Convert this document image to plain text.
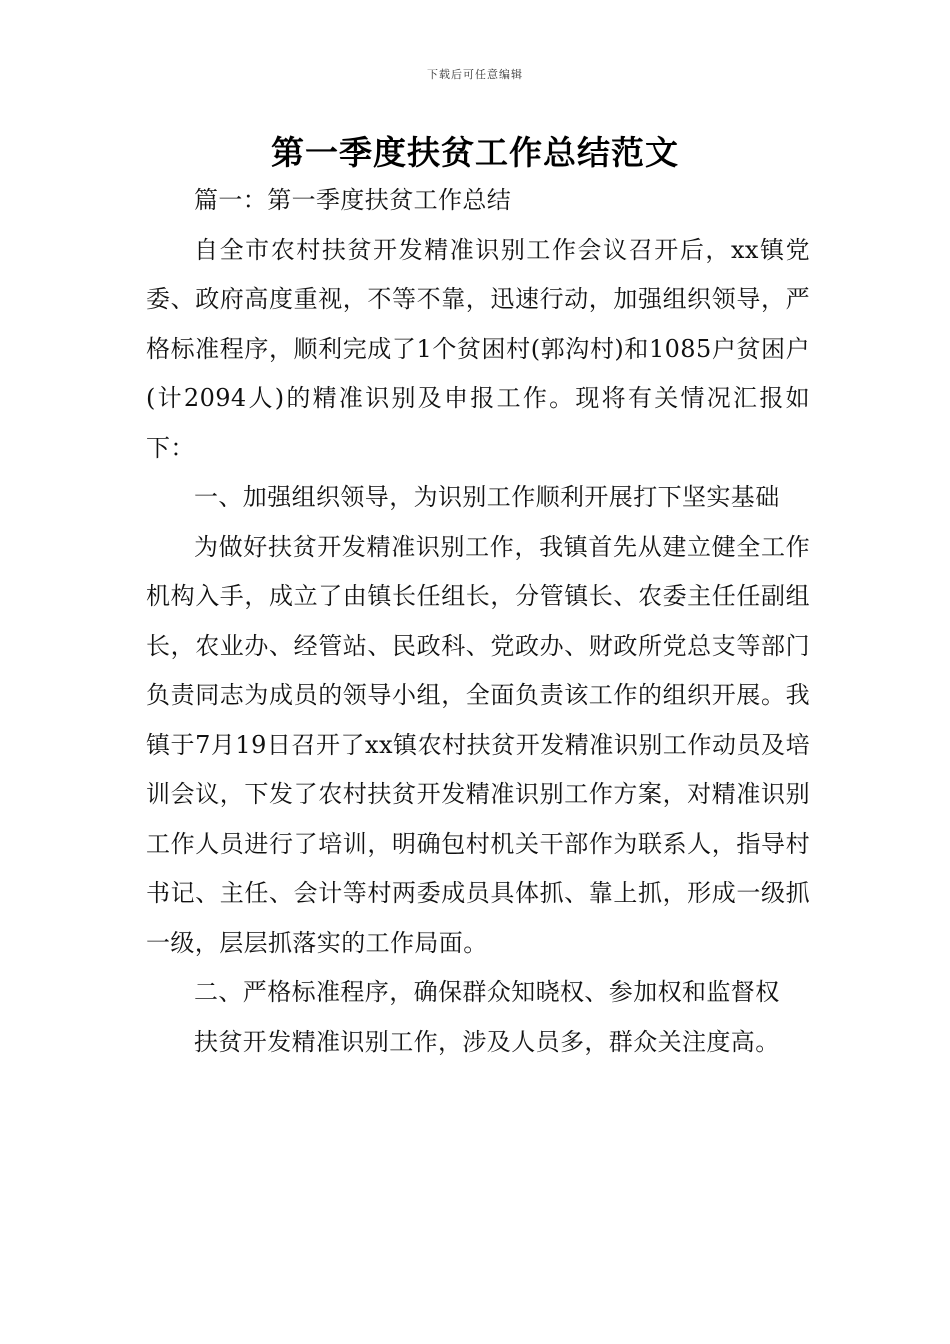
下载后可任意编辑
第一季度扶贫工作总结范文

篇一：第一季度扶贫工作总结

自全市农村扶贫开发精准识别工作会议召开后，xx镇党委、政府高度重视，不等不靠，迅速行动，加强组织领导，严格标准程序，顺利完成了1个贫困村(郭沟村)和1085户贫困户(计2094人)的精准识别及申报工作。现将有关情况汇报如下：

一、加强组织领导，为识别工作顺利开展打下坚实基础

为做好扶贫开发精准识别工作，我镇首先从建立健全工作机构入手，成立了由镇长任组长，分管镇长、农委主任任副组长，农业办、经管站、民政科、党政办、财政所党总支等部门负责同志为成员的领导小组，全面负责该工作的组织开展。我镇于7月19日召开了xx镇农村扶贫开发精准识别工作动员及培训会议，下发了农村扶贫开发精准识别工作方案，对精准识别工作人员进行了培训，明确包村机关干部作为联系人，指导村书记、主任、会计等村两委成员具体抓、靠上抓，形成一级抓一级，层层抓落实的工作局面。

二、严格标准程序，确保群众知晓权、参加权和监督权

扶贫开发精准识别工作，涉及人员多，群众关注度高。
